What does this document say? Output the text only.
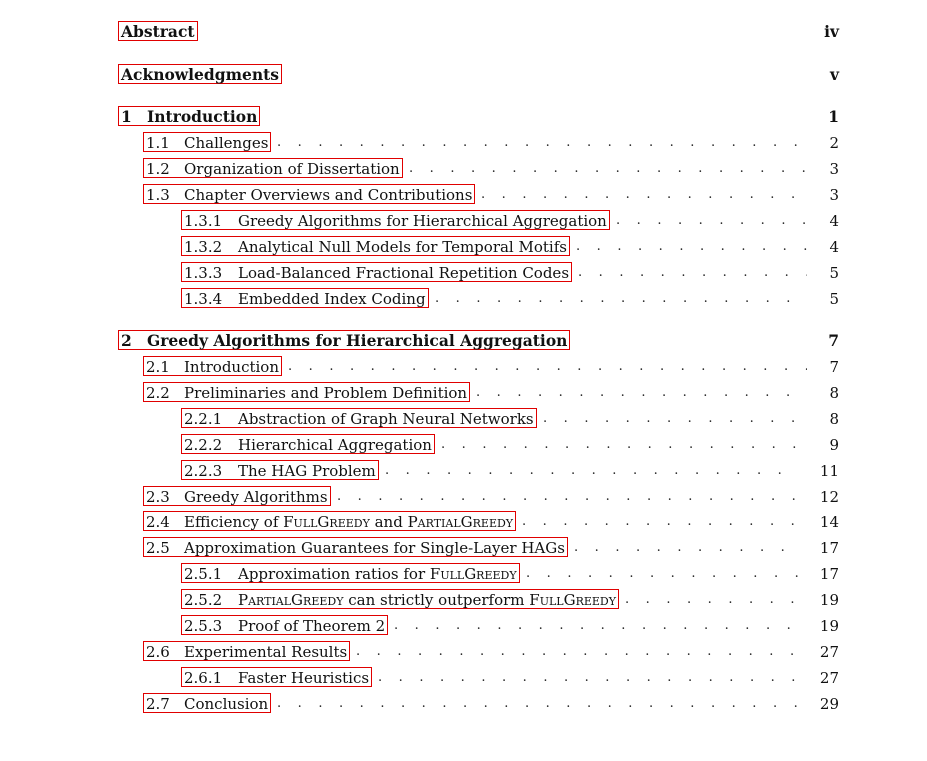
Abstract	iv
Acknowledgments	v
1 Introduction	1
1.1 Challenges	2
. . .
1.2 Organization of Dissertation	3
. . .
1.3 Chapter Overviews and Contributions	3
. . .
1.3.1 Greedy Algorithms for Hierarchical Aggregation	4
. . .
1.3.2 Analytical Null Models for Temporal Motifs	4
. . .
1.3.3 Load-Balanced Fractional Repetition Codes	5
. . .
1.3.4 Embedded Index Coding	5
. . .
2 Greedy Algorithms for Hierarchical Aggregation	7
2.1 Introduction	7
. . .
2.2 Preliminaries and Problem Definition	8
. . .
2.2.1 Abstraction of Graph Neural Networks	8
. . .
2.2.2 Hierarchical Aggregation	9
. . .
2.2.3 The HAG Problem	11
. . .
2.3 Greedy Algorithms	12
. . .
2.4 Efficiency of FullGreedy and PartialGreedy	14
. . .
2.5 Approximation Guarantees for Single-Layer HAGs	17
. . .
2.5.1 Approximation ratios for FullGreedy	17
. . .
2.5.2 PartialGreedy can strictly outperform FullGreedy	19
. . .
2.5.3 Proof of Theorem 2	19
. . .
2.6 Experimental Results	27
. . .
2.6.1 Faster Heuristics	27
. . .
2.7 Conclusion	29
. . .
